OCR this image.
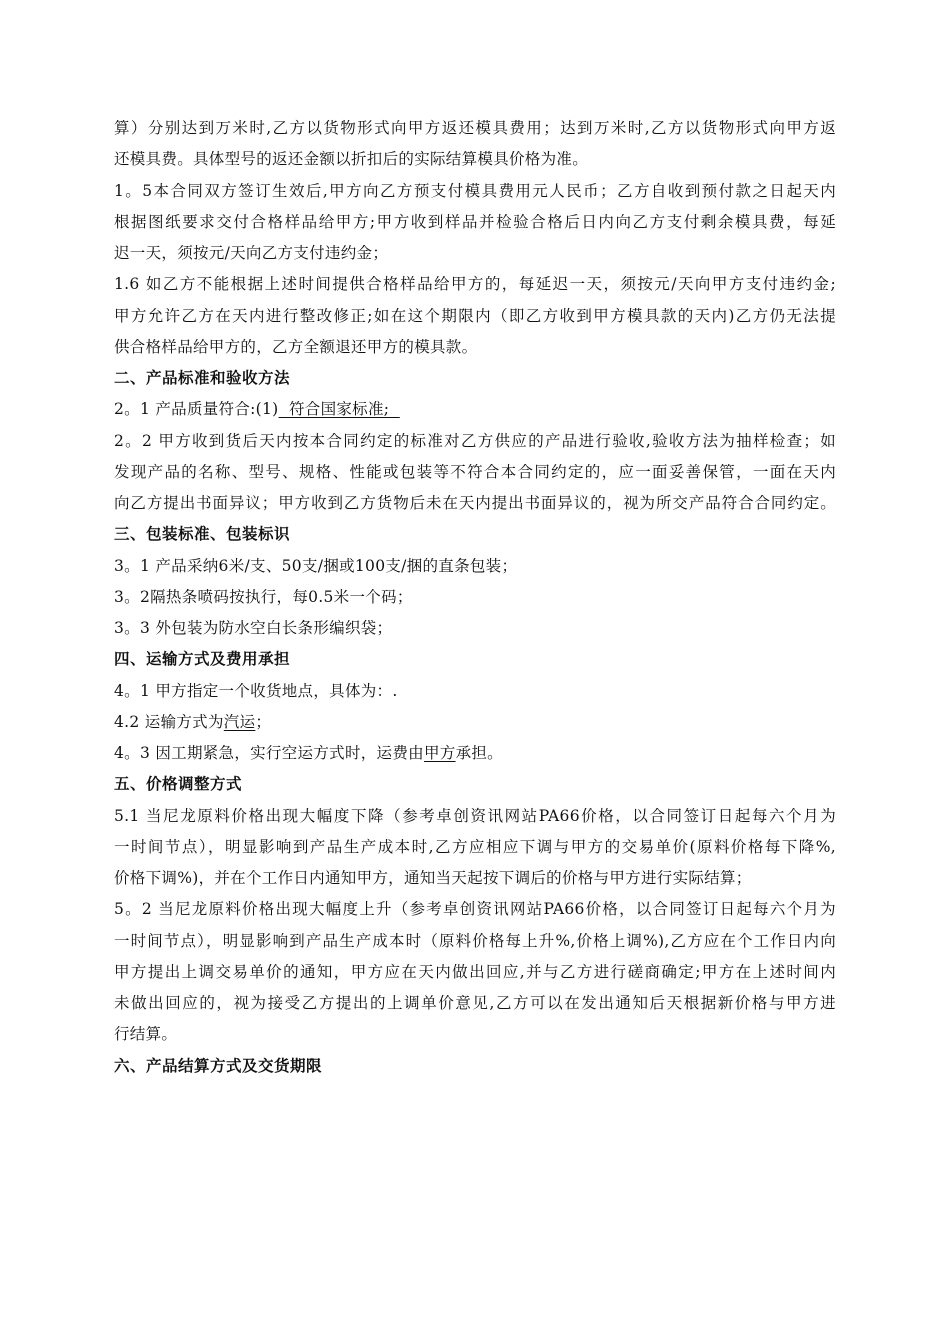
算）分别达到万米时,乙方以货物形式向甲方返还模具费用；达到万米时,乙方以货物形式向甲方返
还模具费。具体型号的返还金额以折扣后的实际结算模具价格为准。
1。5本合同双方签订生效后,甲方向乙方预支付模具费用元人民币；乙方自收到预付款之日起天内
根据图纸要求交付合格样品给甲方;甲方收到样品并检验合格后日内向乙方支付剩余模具费，每延
迟一天，须按元/天向乙方支付违约金；
1.6 如乙方不能根据上述时间提供合格样品给甲方的，每延迟一天，须按元/天向甲方支付违约金;
甲方允许乙方在天内进行整改修正;如在这个期限内（即乙方收到甲方模具款的天内)乙方仍无法提
供合格样品给甲方的，乙方全额退还甲方的模具款。
二、产品标准和验收方法
2。1 产品质量符合:(1)  符合国家标准;
2。2 甲方收到货后天内按本合同约定的标准对乙方供应的产品进行验收,验收方法为抽样检查；如
发现产品的名称、型号、规格、性能或包装等不符合本合同约定的，应一面妥善保管，一面在天内
向乙方提出书面异议；甲方收到乙方货物后未在天内提出书面异议的，视为所交产品符合合同约定。
三、包装标准、包装标识
3。1 产品采纳6米/支、50支/捆或100支/捆的直条包装；
3。2隔热条喷码按执行，每0.5米一个码；
3。3 外包装为防水空白长条形编织袋；
四、运输方式及费用承担
4。1 甲方指定一个收货地点，具体为：.
4.2 运输方式为汽运；
4。3 因工期紧急，实行空运方式时，运费由甲方承担。
五、价格调整方式
5.1 当尼龙原料价格出现大幅度下降（参考卓创资讯网站PA66价格，以合同签订日起每六个月为
一时间节点），明显影响到产品生产成本时,乙方应相应下调与甲方的交易单价(原料价格每下降%,
价格下调%)，并在个工作日内通知甲方，通知当天起按下调后的价格与甲方进行实际结算；
5。2 当尼龙原料价格出现大幅度上升（参考卓创资讯网站PA66价格，以合同签订日起每六个月为
一时间节点），明显影响到产品生产成本时（原料价格每上升%,价格上调%),乙方应在个工作日内向
甲方提出上调交易单价的通知，甲方应在天内做出回应,并与乙方进行磋商确定;甲方在上述时间内
未做出回应的，视为接受乙方提出的上调单价意见,乙方可以在发出通知后天根据新价格与甲方进
行结算。
六、产品结算方式及交货期限
